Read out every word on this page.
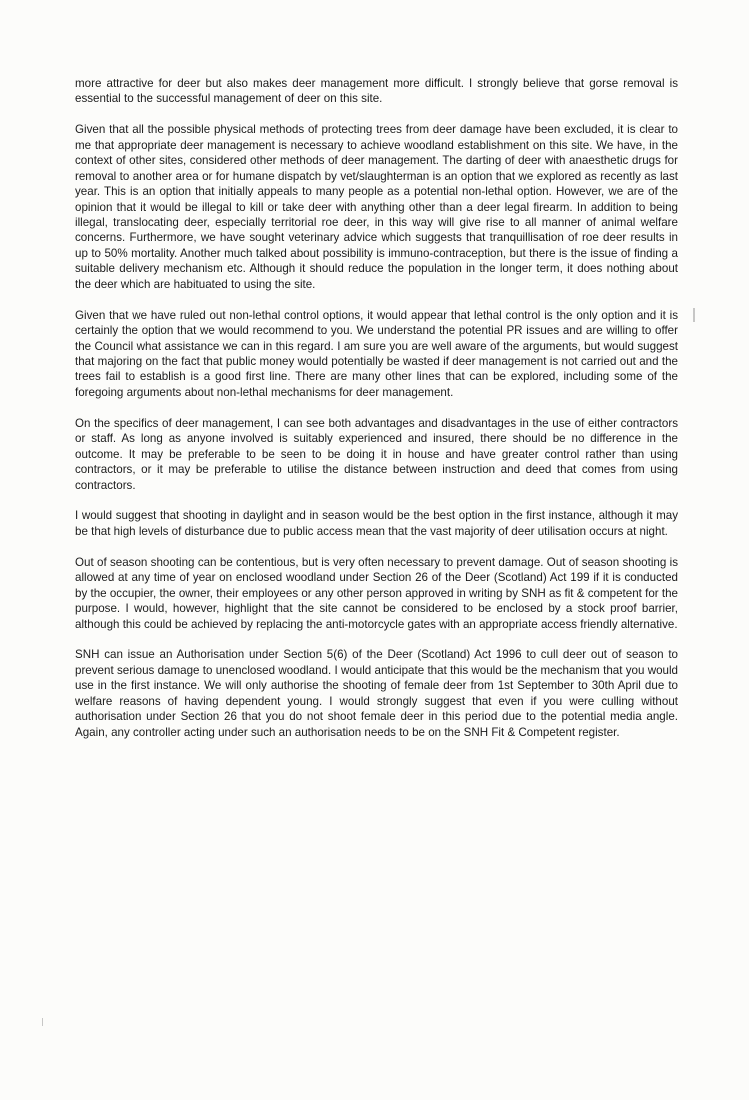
more attractive for deer but also makes deer management more difficult. I strongly believe that gorse removal is essential to the successful management of deer on this site.

Given that all the possible physical methods of protecting trees from deer damage have been excluded, it is clear to me that appropriate deer management is necessary to achieve woodland establishment on this site. We have, in the context of other sites, considered other methods of deer management. The darting of deer with anaesthetic drugs for removal to another area or for humane dispatch by vet/slaughterman is an option that we explored as recently as last year. This is an option that initially appeals to many people as a potential non-lethal option. However, we are of the opinion that it would be illegal to kill or take deer with anything other than a deer legal firearm. In addition to being illegal, translocating deer, especially territorial roe deer, in this way will give rise to all manner of animal welfare concerns. Furthermore, we have sought veterinary advice which suggests that tranquillisation of roe deer results in up to 50% mortality. Another much talked about possibility is immuno-contraception, but there is the issue of finding a suitable delivery mechanism etc. Although it should reduce the population in the longer term, it does nothing about the deer which are habituated to using the site.

Given that we have ruled out non-lethal control options, it would appear that lethal control is the only option and it is certainly the option that we would recommend to you. We understand the potential PR issues and are willing to offer the Council what assistance we can in this regard. I am sure you are well aware of the arguments, but would suggest that majoring on the fact that public money would potentially be wasted if deer management is not carried out and the trees fail to establish is a good first line. There are many other lines that can be explored, including some of the foregoing arguments about non-lethal mechanisms for deer management.

On the specifics of deer management, I can see both advantages and disadvantages in the use of either contractors or staff. As long as anyone involved is suitably experienced and insured, there should be no difference in the outcome. It may be preferable to be seen to be doing it in house and have greater control rather than using contractors, or it may be preferable to utilise the distance between instruction and deed that comes from using contractors.

I would suggest that shooting in daylight and in season would be the best option in the first instance, although it may be that high levels of disturbance due to public access mean that the vast majority of deer utilisation occurs at night.

Out of season shooting can be contentious, but is very often necessary to prevent damage. Out of season shooting is allowed at any time of year on enclosed woodland under Section 26 of the Deer (Scotland) Act 199 if it is conducted by the occupier, the owner, their employees or any other person approved in writing by SNH as fit & competent for the purpose. I would, however, highlight that the site cannot be considered to be enclosed by a stock proof barrier, although this could be achieved by replacing the anti-motorcycle gates with an appropriate access friendly alternative.

SNH can issue an Authorisation under Section 5(6) of the Deer (Scotland) Act 1996 to cull deer out of season to prevent serious damage to unenclosed woodland. I would anticipate that this would be the mechanism that you would use in the first instance. We will only authorise the shooting of female deer from 1st September to 30th April due to welfare reasons of having dependent young. I would strongly suggest that even if you were culling without authorisation under Section 26 that you do not shoot female deer in this period due to the potential media angle. Again, any controller acting under such an authorisation needs to be on the SNH Fit & Competent register.
